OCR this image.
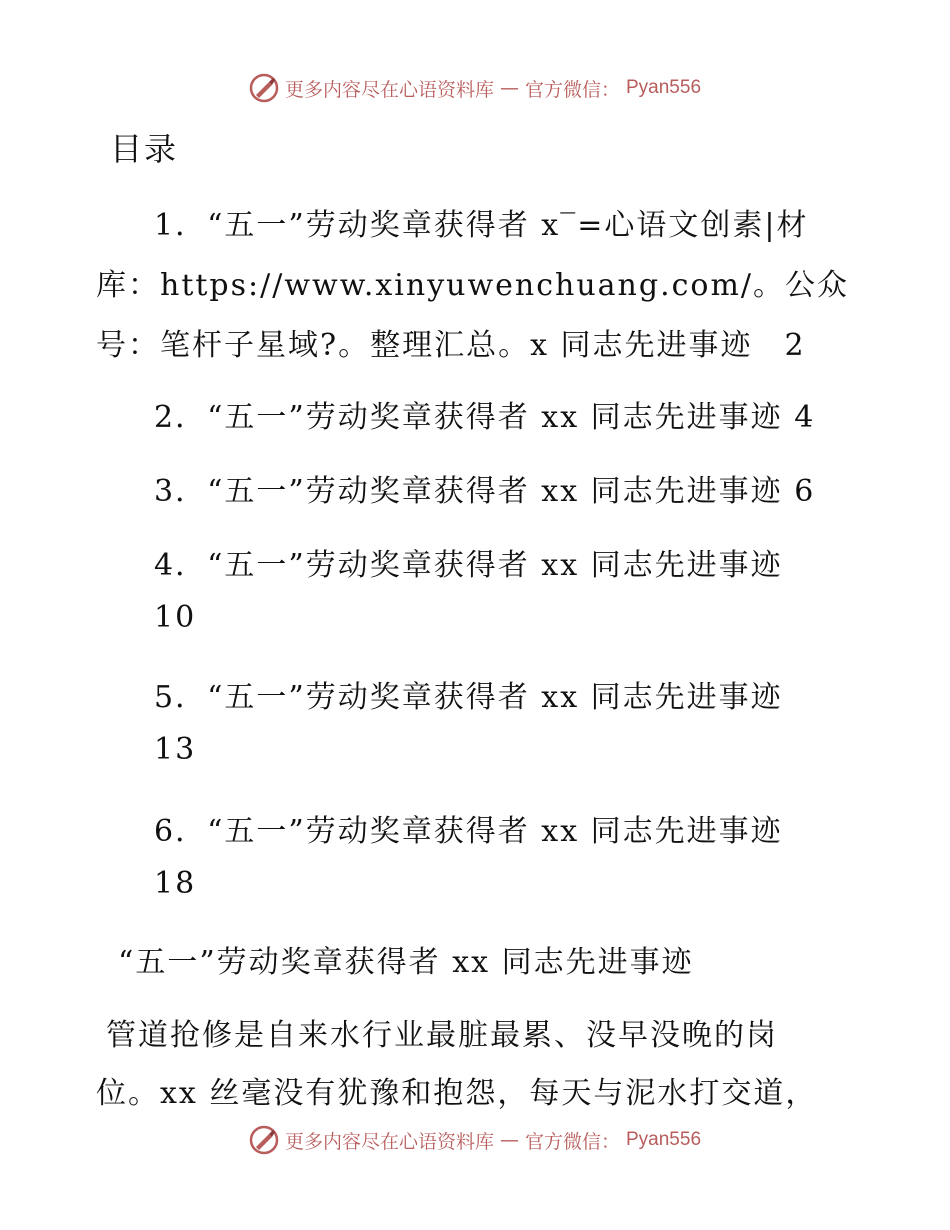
更多内容尽在心语资料库 — 官方微信： Pyan556
目录
1．“五一”劳动奖章获得者 x‾=心语文创素|材
库：https://www.xinyuwenchuang.com/。公众
号：笔杆子星域?。整理汇总。x 同志先进事迹　2
2．“五一”劳动奖章获得者 xx 同志先进事迹 4
3．“五一”劳动奖章获得者 xx 同志先进事迹 6
4．“五一”劳动奖章获得者 xx 同志先进事迹
10
5．“五一”劳动奖章获得者 xx 同志先进事迹
13
6．“五一”劳动奖章获得者 xx 同志先进事迹
18
“五一”劳动奖章获得者 xx 同志先进事迹
管道抢修是自来水行业最脏最累、没早没晚的岗
位。xx 丝毫没有犹豫和抱怨，每天与泥水打交道，
更多内容尽在心语资料库 — 官方微信： Pyan556
